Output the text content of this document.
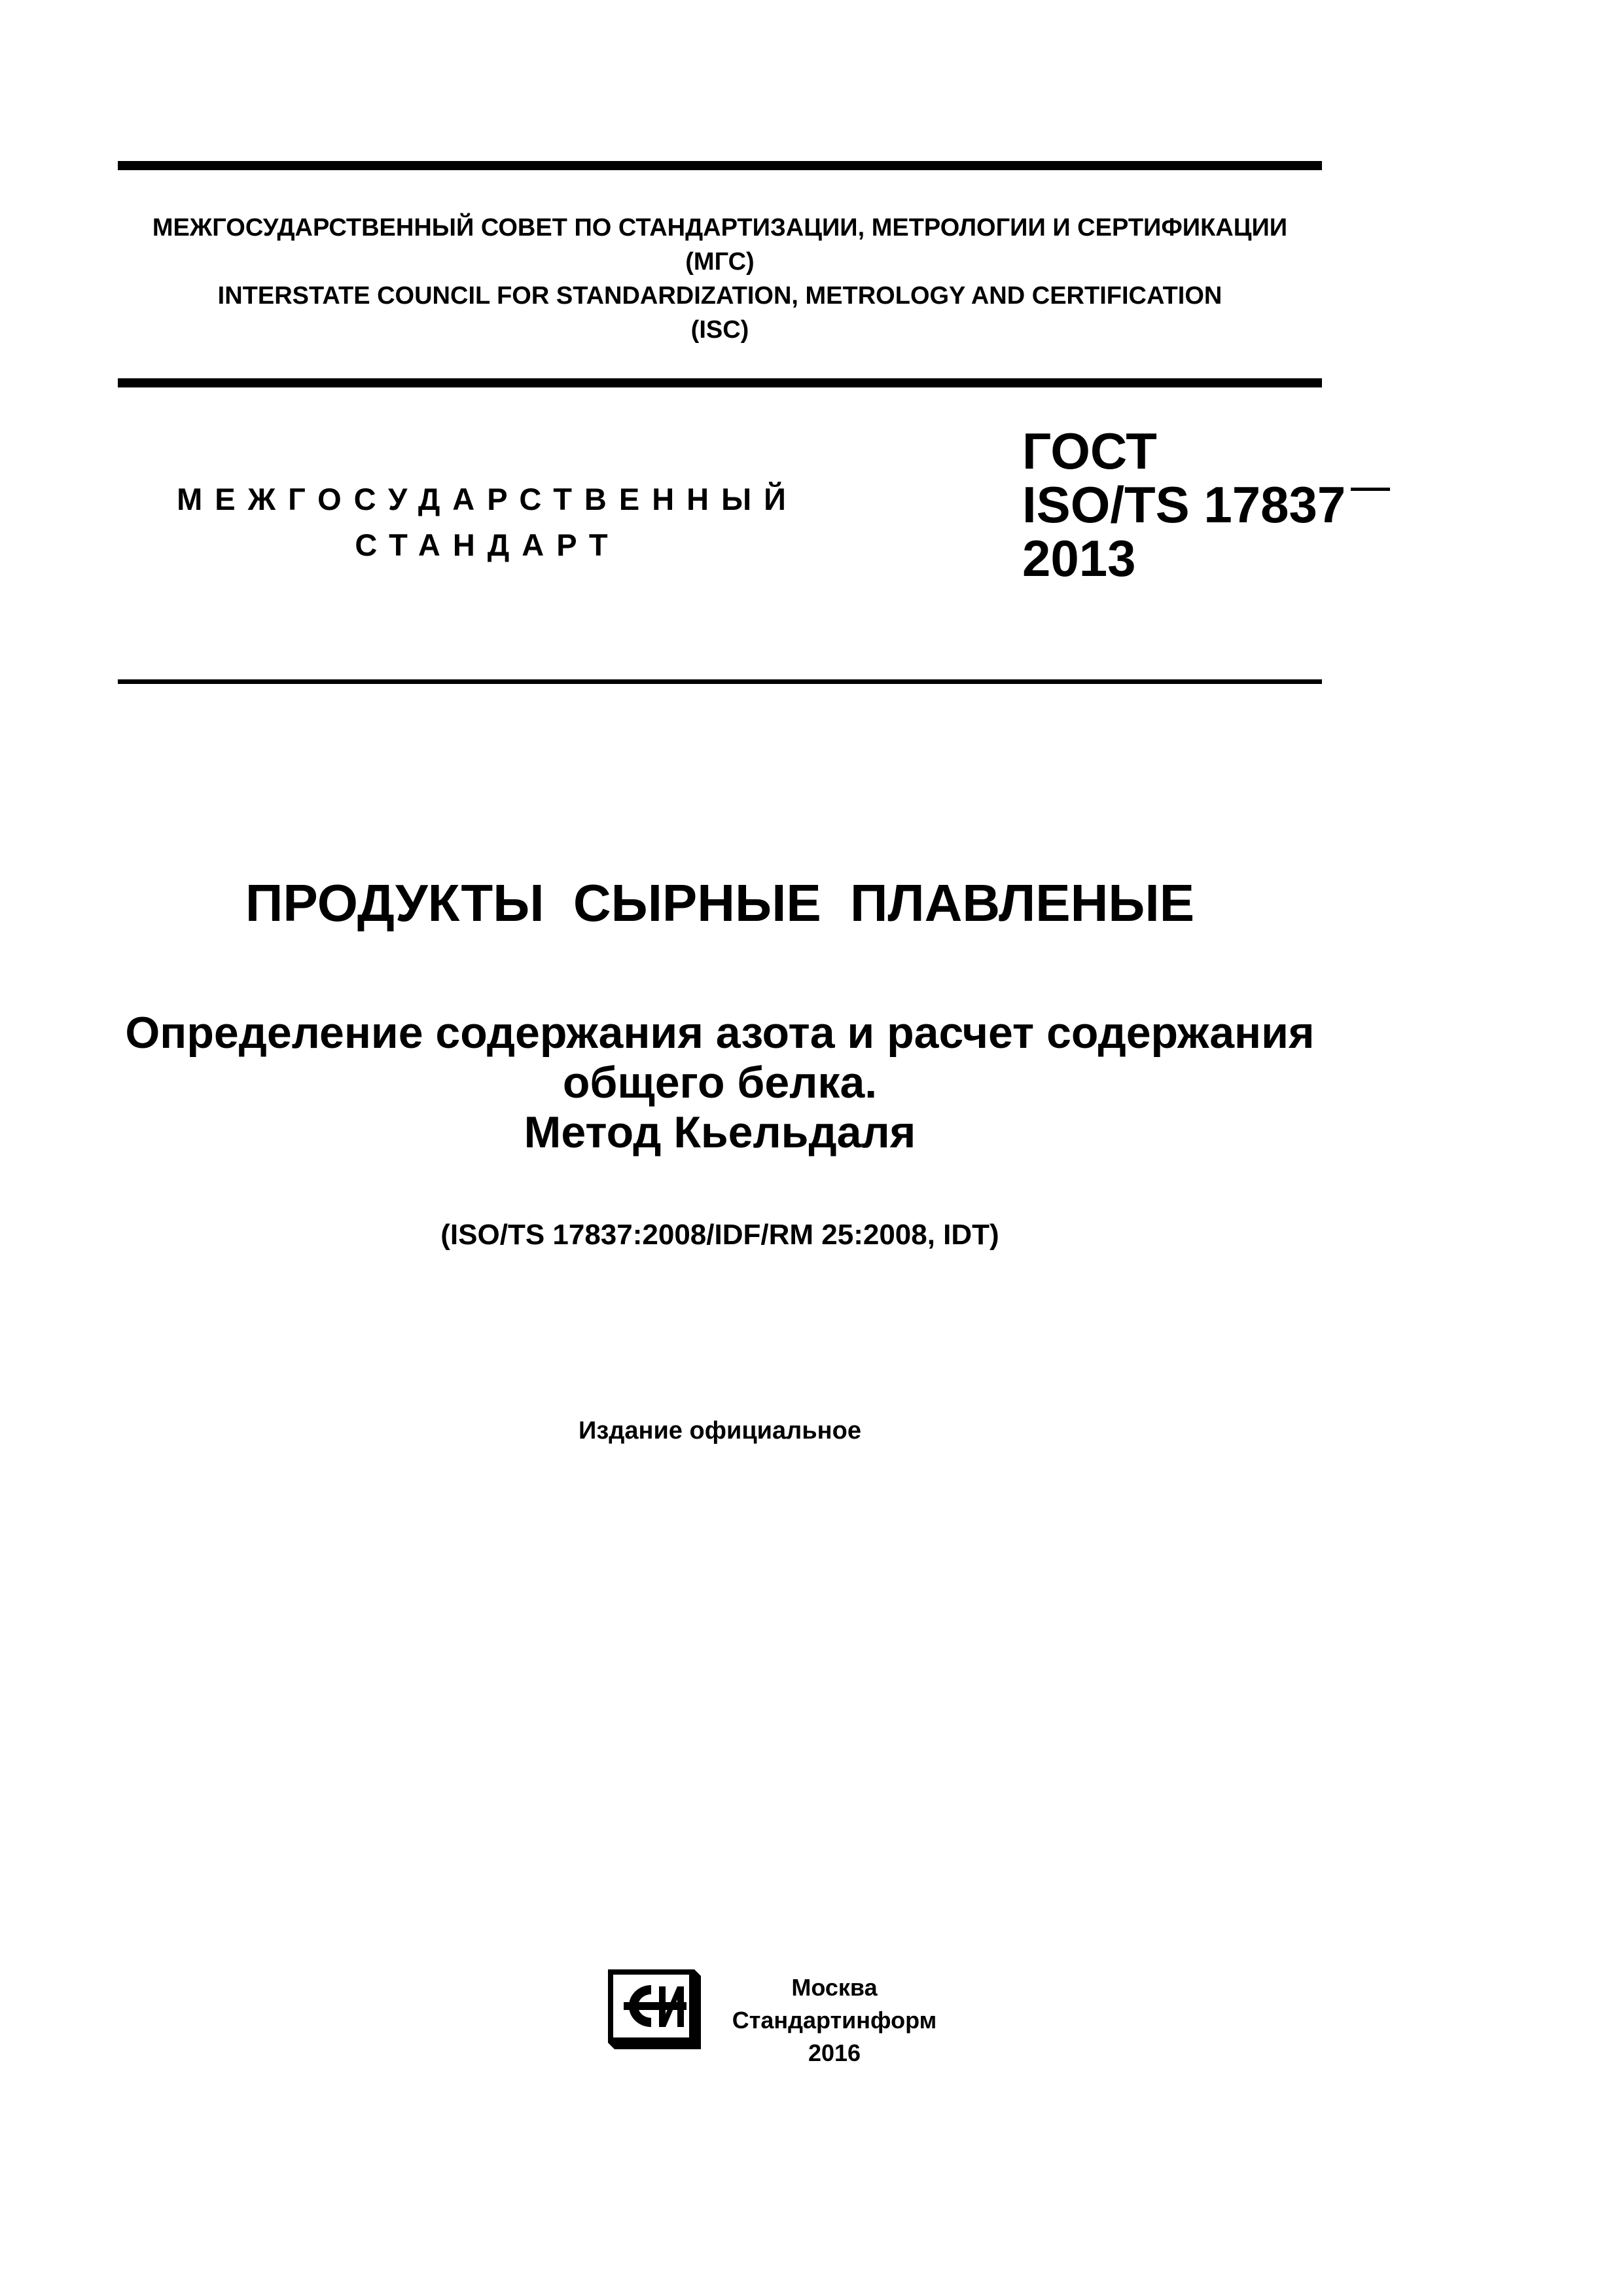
МЕЖГОСУДАРСТВЕННЫЙ СОВЕТ ПО СТАНДАРТИЗАЦИИ, МЕТРОЛОГИИ И СЕРТИФИКАЦИИ
(МГС)
INTERSTATE COUNCIL FOR STANDARDIZATION, METROLOGY AND CERTIFICATION
(ISC)
МЕЖГОСУДАРСТВЕННЫЙ
СТАНДАРТ
ГОСТ
ISO/TS 17837
2013
ПРОДУКТЫ СЫРНЫЕ ПЛАВЛЕНЫЕ
Определение содержания азота и расчет содержания
общего белка.
Метод Кьельдаля
(ISO/TS 17837:2008/IDF/RM 25:2008, IDT)
Издание официальное
Москва
Стандартинформ
2016
